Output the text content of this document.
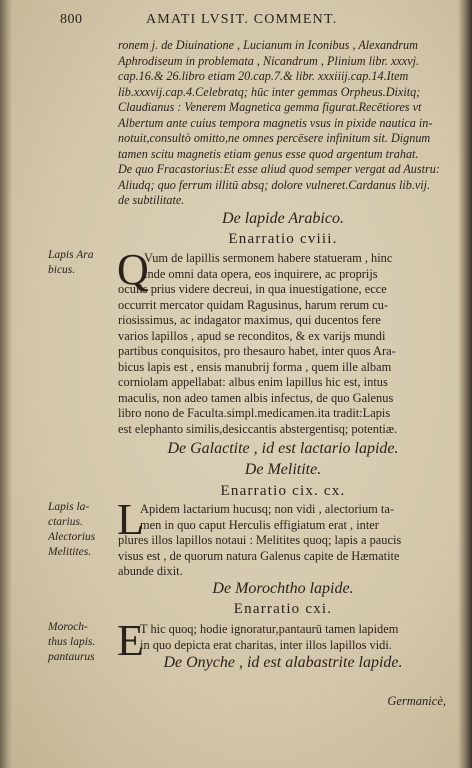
800	AMATI LVSIT. COMMENT.
ronem j. de Diuinatione , Lucianum in Iconibus , Alexandrum
Aphrodiseum in problemata , Nicandrum , Plinium libr. xxxvj.
cap.16.& 26.libro etiam 20.cap.7.& libr. xxxiiij.cap.14.Item
lib.xxxvij.cap.4.Celebratq; hūc inter gemmas Orpheus.Dixitq;
Claudianus : Venerem Magnetica gemma figurat.Recētiores vt
Albertum ante cuius tempora magnetis vsus in pixide nautica in-
notuit,consultò omitto,ne omnes percēsere infinitum sit. Dignum
tamen scitu magnetis etiam genus esse quod argentum trahat.
De quo Fracastorius:Et esse aliud quod semper vergat ad Austru:
Aliudq; quo ferrum illitū absq; dolore vulneret.Cardanus lib.vij.
de subtilitate.
De lapide Arabico.
Enarratio cviii.
Lapis Ara
bicus. Q
Vum de lapillis sermonem habere statueram , hinc
inde omni data opera, eos inquirere, ac proprijs
oculis prius videre decreui, in qua inuestigatione, ecce
occurrit mercator quidam Ragusinus, harum rerum cu-
riosissimus, ac indagator maximus, qui ducentos fere
varios lapillos , apud se reconditos, & ex varijs mundi
partibus conquisitos, pro thesauro habet, inter quos Ara-
bicus lapis est , ensis manubrij forma , quem ille albam
corniolam appellabat: albus enim lapillus hic est, intus
maculis, non adeo tamen albis infectus, de quo Galenus
libro nono de Faculta.simpl.medicamen.ita tradit:Lapis
est elephanto similis,desiccantis abstergentisq; potentiæ.
De Galactite , id est lactario lapide.
De Melitite.
Enarratio cix. cx.
Lapis la-
ctarius.
Alectorius
Melitites.
L
Apidem lactarium hucusq; non vidi , alectorium ta-
men in quo caput Herculis effigiatum erat , inter
plures illos lapillos notaui : Melitites quoq; lapis a paucis
visus est , de quorum natura Galenus capite de Hæmatite
abunde dixit.
De Morochtho lapide.
Enarratio cxi.
Moroch-
thus lapis.
pantaurus E
T hic quoq; hodie ignoratur,pantaurū tamen lapidem
in quo depicta erat charitas, inter illos lapillos vidi.
De Onyche , id est alabastrite lapide.
Germanicè,
